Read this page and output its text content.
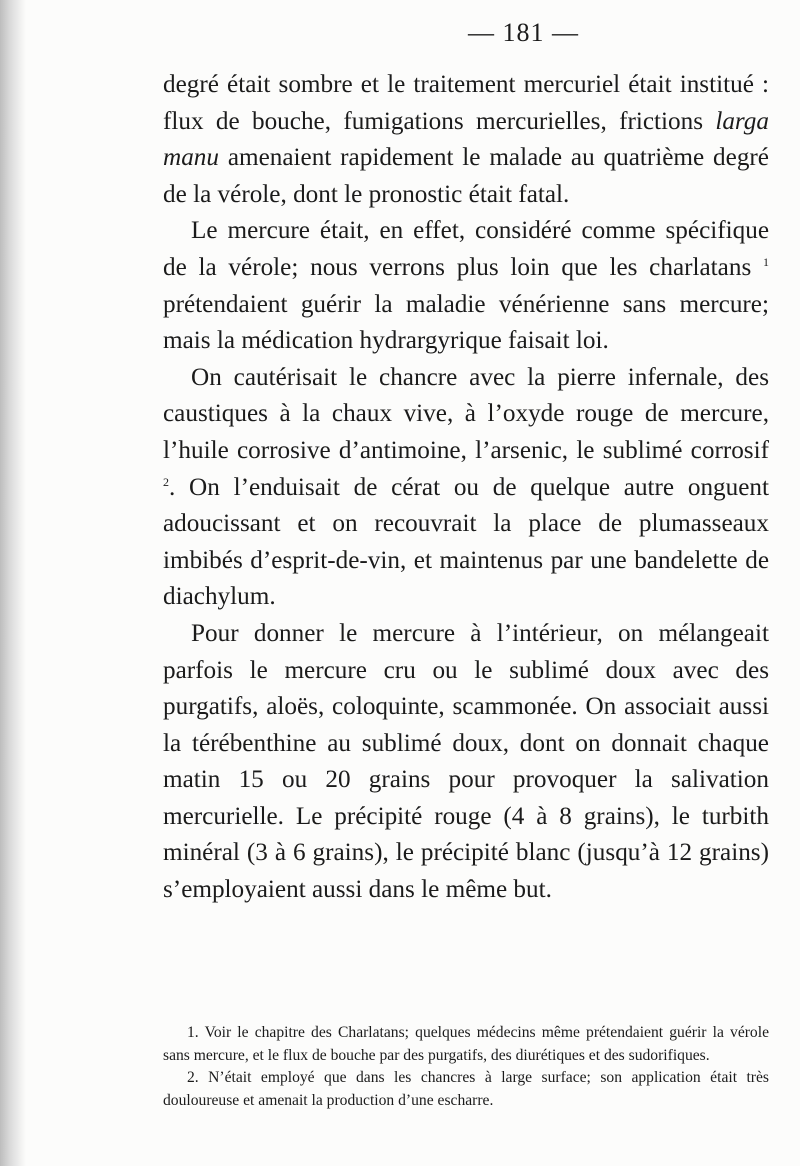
— 181 —

degré était sombre et le traitement mercuriel était institué : flux de bouche, fumigations mercurielles, frictions larga manu amenaient rapidement le malade au quatrième degré de la vérole, dont le pronostic était fatal.

Le mercure était, en effet, considéré comme spécifique de la vérole; nous verrons plus loin que les charlatans $^1$ prétendaient guérir la maladie vénérienne sans mercure; mais la médication hydrargyrique faisait loi.

On cautérisait le chancre avec la pierre infernale, des caustiques à la chaux vive, à l’oxyde rouge de mercure, l’huile corrosive d’antimoine, l’arsenic, le sublimé corrosif $^2$. On l’enduisait de cérat ou de quelque autre onguent adoucissant et on recouvrait la place de plumasseaux imbibés d’esprit-de-vin, et maintenus par une bandelette de diachylum.

Pour donner le mercure à l’intérieur, on mélangeait parfois le mercure cru ou le sublimé doux avec des purgatifs, aloës, coloquinte, scammonée. On associait aussi la térébenthine au sublimé doux, dont on donnait chaque matin 15 ou 20 grains pour provoquer la salivation mercurielle. Le précipité rouge (4 à 8 grains), le turbith minéral (3 à 6 grains), le précipité blanc (jusqu’à 12 grains) s’employaient aussi dans le même but.

1. Voir le chapitre des Charlatans; quelques médecins même prétendaient guérir la vérole sans mercure, et le flux de bouche par des purgatifs, des diurétiques et des sudorifiques.

2. N’était employé que dans les chancres à large surface; son application était très douloureuse et amenait la production d’une escharre.
